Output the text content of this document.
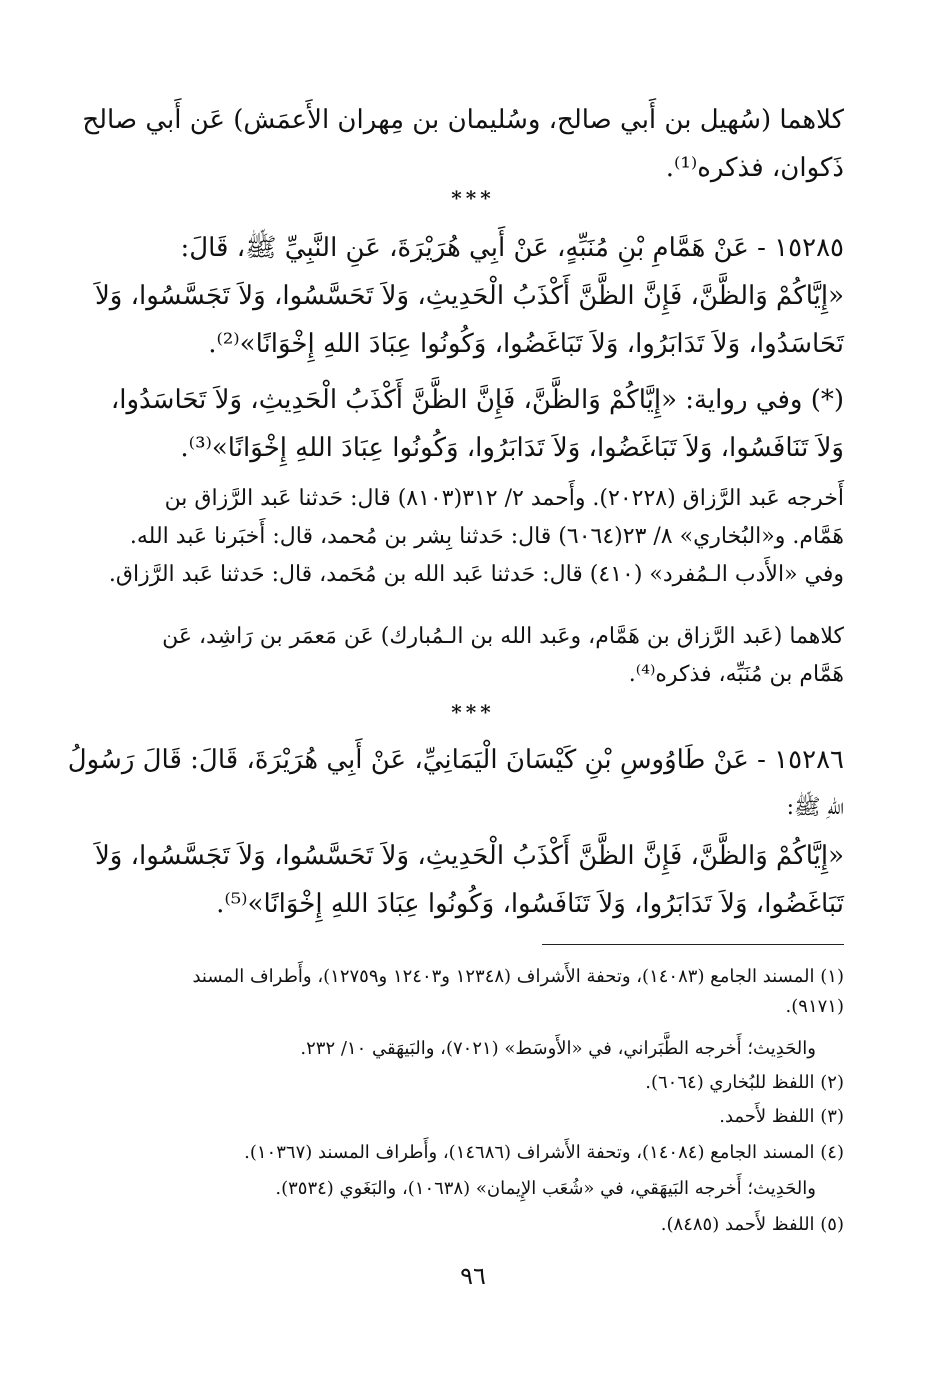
كلاهما (سُهيل بن أَبي صالح، وسُليمان بن مِهران الأَعمَش) عَن أَبي صالح
ذَكوان، فذكره⁽¹⁾.
***
١٥٢٨٥ - عَنْ هَمَّامِ بْنِ مُنَبِّهٍ، عَنْ أَبِي هُرَيْرَةَ، عَنِ النَّبِيِّ ﷺ، قَالَ:
«إِيَّاكُمْ وَالظَّنَّ، فَإِنَّ الظَّنَّ أَكْذَبُ الْحَدِيثِ، وَلاَ تَحَسَّسُوا، وَلاَ تَجَسَّسُوا، وَلاَ
تَحَاسَدُوا، وَلاَ تَدَابَرُوا، وَلاَ تَبَاغَضُوا، وَكُونُوا عِبَادَ اللهِ إِخْوَانًا»⁽²⁾.
(*) وفي رواية: «إِيَّاكُمْ وَالظَّنَّ، فَإِنَّ الظَّنَّ أَكْذَبُ الْحَدِيثِ، وَلاَ تَحَاسَدُوا،
وَلاَ تَنَافَسُوا، وَلاَ تَبَاغَضُوا، وَلاَ تَدَابَرُوا، وَكُونُوا عِبَادَ اللهِ إِخْوَانًا»⁽³⁾.
أَخرجه عَبد الرَّزاق (٢٠٢٢٨). وأَحمد ٢/ ٣١٢(٨١٠٣) قال: حَدثنا عَبد الرَّزاق بن
هَمَّام. و«البُخاري» ٨/ ٢٣(٦٠٦٤) قال: حَدثنا بِشر بن مُحمد، قال: أَخبَرنا عَبد الله.
وفي «الأَدب الـمُفرد» (٤١٠) قال: حَدثنا عَبد الله بن مُحَمد، قال: حَدثنا عَبد الرَّزاق.
كلاهما (عَبد الرَّزاق بن هَمَّام، وعَبد الله بن الـمُبارك) عَن مَعمَر بن رَاشِد، عَن
هَمَّام بن مُنَبِّه، فذكره⁽⁴⁾.
***
١٥٢٨٦ - عَنْ طَاوُوسِ بْنِ كَيْسَانَ الْيَمَانِيِّ، عَنْ أَبِي هُرَيْرَةَ، قَالَ: قَالَ رَسُولُ
اللهِ ﷺ:
«إِيَّاكُمْ وَالظَّنَّ، فَإِنَّ الظَّنَّ أَكْذَبُ الْحَدِيثِ، وَلاَ تَحَسَّسُوا، وَلاَ تَجَسَّسُوا، وَلاَ
تَبَاغَضُوا، وَلاَ تَدَابَرُوا، وَلاَ تَنَافَسُوا، وَكُونُوا عِبَادَ اللهِ إِخْوَانًا»⁽⁵⁾.
(١) المسند الجامع (١٤٠٨٣)، وتحفة الأَشراف (١٢٣٤٨ و١٢٤٠٣ و١٢٧٥٩)، وأَطراف المسند
(٩١٧١).
والحَدِيث؛ أَخرجه الطَّبَراني، في «الأَوسَط» (٧٠٢١)، والبَيهَقي ١٠/ ٢٣٢.
(٢) اللفظ للبُخاري (٦٠٦٤).
(٣) اللفظ لأَحمد.
(٤) المسند الجامع (١٤٠٨٤)، وتحفة الأَشراف (١٤٦٨٦)، وأَطراف المسند (١٠٣٦٧).
والحَدِيث؛ أَخرجه البَيهَقي، في «شُعَب الإِيمان» (١٠٦٣٨)، والبَغَوي (٣٥٣٤).
(٥) اللفظ لأَحمد (٨٤٨٥).
٩٦
